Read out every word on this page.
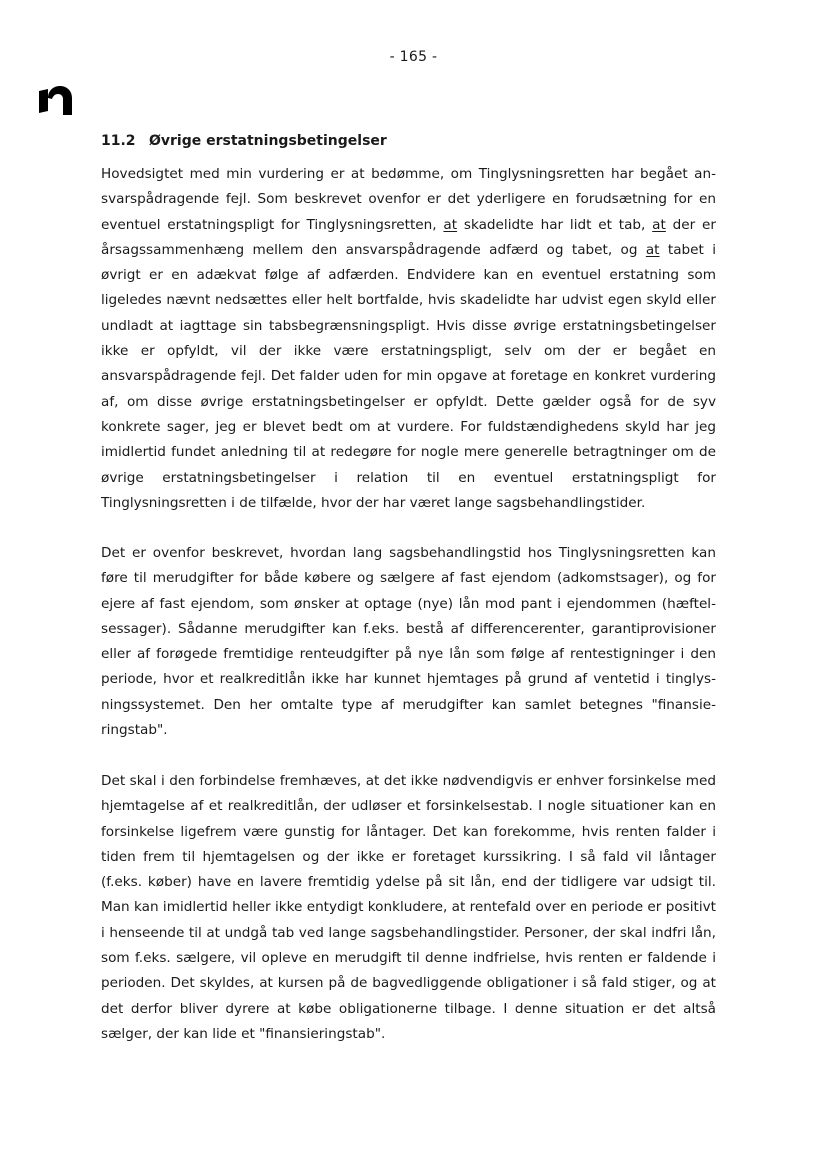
- 165 -
11.2 Øvrige erstatningsbetingelser

Hovedsigtet med min vurdering er at bedømme, om Tinglysningsretten har begået ansvarspådragende fejl. Som beskrevet ovenfor er det yderligere en forudsætning for en eventuel erstatningspligt for Tinglysningsretten, at skadelidte har lidt et tab, at der er årsagssammenhæng mellem den ansvarspådragende adfærd og tabet, og at tabet i øvrigt er en adækvat følge af adfærden. Endvidere kan en eventuel erstatning som ligeledes nævnt nedsættes eller helt bortfalde, hvis skadelidte har udvist egen skyld eller undladt at iagttage sin tabsbegrænsningspligt. Hvis disse øvrige erstatningsbetingelser ikke er opfyldt, vil der ikke være erstatningspligt, selv om der er begået en ansvarspådragende fejl. Det falder uden for min opgave at foretage en konkret vurdering af, om disse øvrige erstatningsbetingelser er opfyldt. Dette gælder også for de syv konkrete sager, jeg er blevet bedt om at vurdere. For fuldstændighedens skyld har jeg imidlertid fundet anledning til at redegøre for nogle mere generelle betragtninger om de øvrige erstatningsbetingelser i relation til en eventuel erstatningspligt for Tinglysningsretten i de tilfælde, hvor der har været lange sagsbehandlingstider.

Det er ovenfor beskrevet, hvordan lang sagsbehandlingstid hos Tinglysningsretten kan føre til merudgifter for både købere og sælgere af fast ejendom (adkomstsager), og for ejere af fast ejendom, som ønsker at optage (nye) lån mod pant i ejendommen (hæftelsessager). Sådanne merudgifter kan f.eks. bestå af differencerenter, garantiprovisioner eller af forøgede fremtidige renteudgifter på nye lån som følge af rentestigninger i den periode, hvor et realkreditlån ikke har kunnet hjemtages på grund af ventetid i tinglysningssystemet. Den her omtalte type af merudgifter kan samlet betegnes "finansieringstab".

Det skal i den forbindelse fremhæves, at det ikke nødvendigvis er enhver forsinkelse med hjemtagelse af et realkreditlån, der udløser et forsinkelsestab. I nogle situationer kan en forsinkelse ligefrem være gunstig for låntager. Det kan forekomme, hvis renten falder i tiden frem til hjemtagelsen og der ikke er foretaget kurssikring. I så fald vil låntager (f.eks. køber) have en lavere fremtidig ydelse på sit lån, end der tidligere var udsigt til. Man kan imidlertid heller ikke entydigt konkludere, at rentefald over en periode er positivt i henseende til at undgå tab ved lange sagsbehandlingstider. Personer, der skal indfri lån, som f.eks. sælgere, vil opleve en merudgift til denne indfrielse, hvis renten er faldende i perioden. Det skyldes, at kursen på de bagvedliggende obligationer i så fald stiger, og at det derfor bliver dyrere at købe obligationerne tilbage. I denne situation er det altså sælger, der kan lide et "finansieringstab".
